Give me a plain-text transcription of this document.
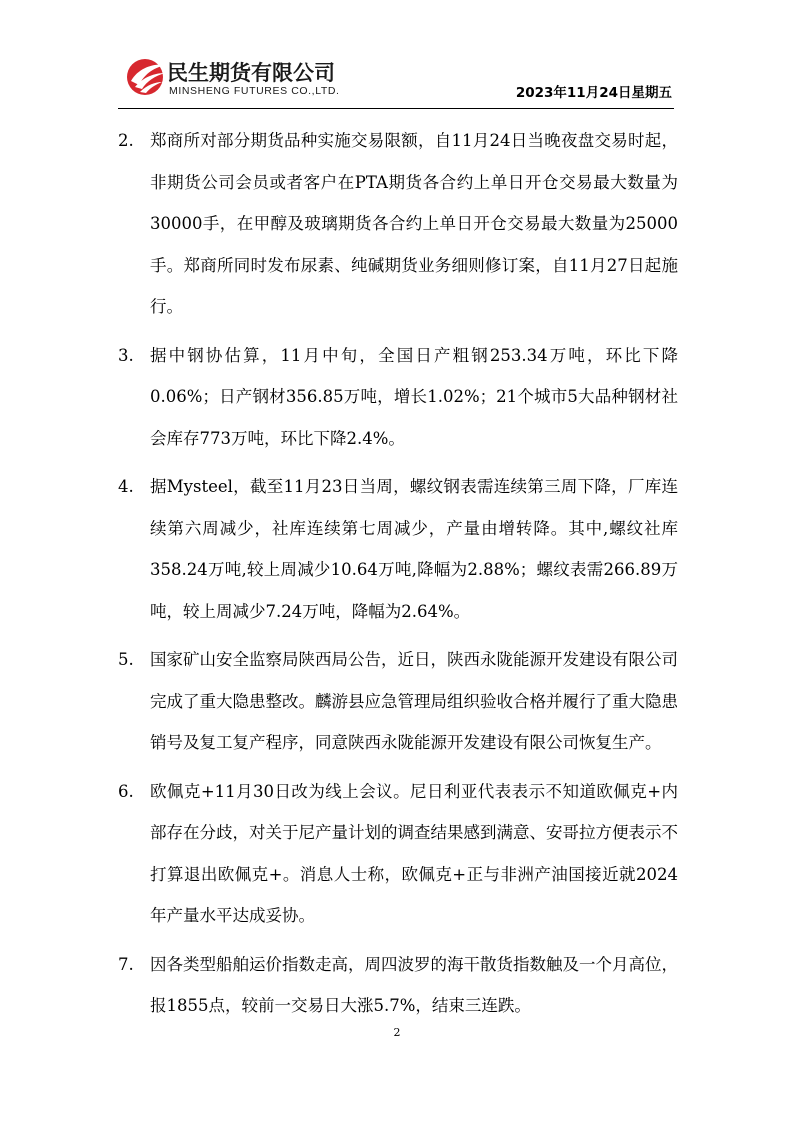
民生期货有限公司
MINSHENG FUTURES CO.,LTD.	2023年11月24日星期五
2. 郑商所对部分期货品种实施交易限额，自11月24日当晚夜盘交易时起，非期货公司会员或者客户在PTA期货各合约上单日开仓交易最大数量为30000手，在甲醇及玻璃期货各合约上单日开仓交易最大数量为25000手。郑商所同时发布尿素、纯碱期货业务细则修订案，自11月27日起施行。
3. 据中钢协估算，11月中旬，全国日产粗钢253.34万吨，环比下降0.06%；日产钢材356.85万吨，增长1.02%；21个城市5大品种钢材社会库存773万吨，环比下降2.4%。
4. 据Mysteel，截至11月23日当周，螺纹钢表需连续第三周下降，厂库连续第六周减少，社库连续第七周减少，产量由增转降。其中,螺纹社库358.24万吨,较上周减少10.64万吨,降幅为2.88%；螺纹表需266.89万吨，较上周减少7.24万吨，降幅为2.64%。
5. 国家矿山安全监察局陕西局公告，近日，陕西永陇能源开发建设有限公司完成了重大隐患整改。麟游县应急管理局组织验收合格并履行了重大隐患销号及复工复产程序，同意陕西永陇能源开发建设有限公司恢复生产。
6. 欧佩克+11月30日改为线上会议。尼日利亚代表表示不知道欧佩克+内部存在分歧，对关于尼产量计划的调查结果感到满意、安哥拉方便表示不打算退出欧佩克+。消息人士称，欧佩克+正与非洲产油国接近就2024年产量水平达成妥协。
7. 因各类型船舶运价指数走高，周四波罗的海干散货指数触及一个月高位，报1855点，较前一交易日大涨5.7%，结束三连跌。
2
